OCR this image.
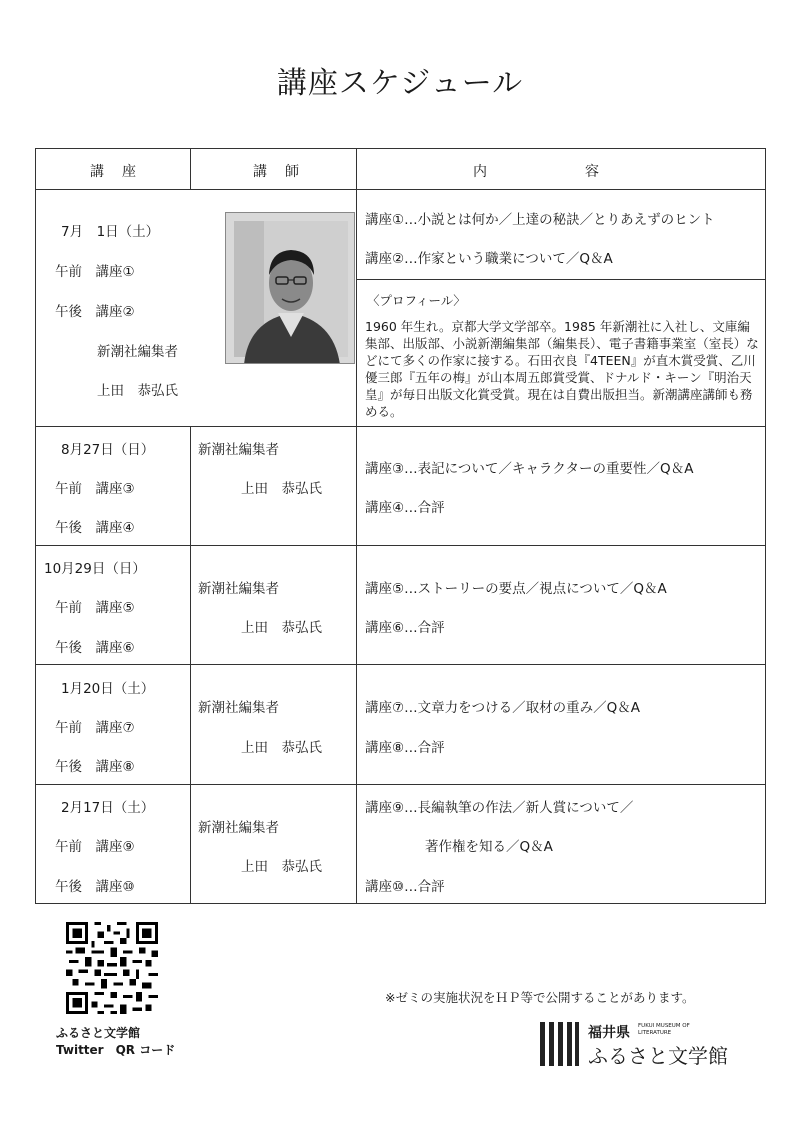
講座スケジュール
講　座	講　師	内　　　　　　容
7月　1日（土）
午前　講座①
午後　講座②
新潮社編集者
上田　恭弘氏
講座①…小説とは何か／上達の秘訣／とりあえずのヒント
講座②…作家という職業について／Q＆A
〈プロフィール〉
1960 年生れ。京都大学文学部卒。1985 年新潮社に入社し、文庫編集部、出版部、小説新潮編集部（編集長）、電子書籍事業室（室長）などにて多くの作家に接する。石田衣良『4TEEN』が直木賞受賞、乙川優三郎『五年の梅』が山本周五郎賞受賞、ドナルド・キーン『明治天皇』が毎日出版文化賞受賞。現在は自費出版担当。新潮講座講師も務める。
8月27日（日）
午前　講座③
午後　講座④
新潮社編集者
上田　恭弘氏
講座③…表記について／キャラクターの重要性／Q＆A
講座④…合評
10月29日（日）
午前　講座⑤
午後　講座⑥
新潮社編集者
上田　恭弘氏
講座⑤…ストーリーの要点／視点について／Q＆A
講座⑥…合評
1月20日（土）
午前　講座⑦
午後　講座⑧
新潮社編集者
上田　恭弘氏
講座⑦…文章力をつける／取材の重み／Q＆A
講座⑧…合評
2月17日（土）
午前　講座⑨
午後　講座⑩
新潮社編集者
上田　恭弘氏
講座⑨…長編執筆の作法／新人賞について／
著作権を知る／Q＆A
講座⑩…合評
ふるさと文学館
Twitter　QR コード
※ゼミの実施状況をＨＰ等で公開することがあります。
福井県 FUKUI MUSEUM OF
LITERATURE
ふるさと文学館
